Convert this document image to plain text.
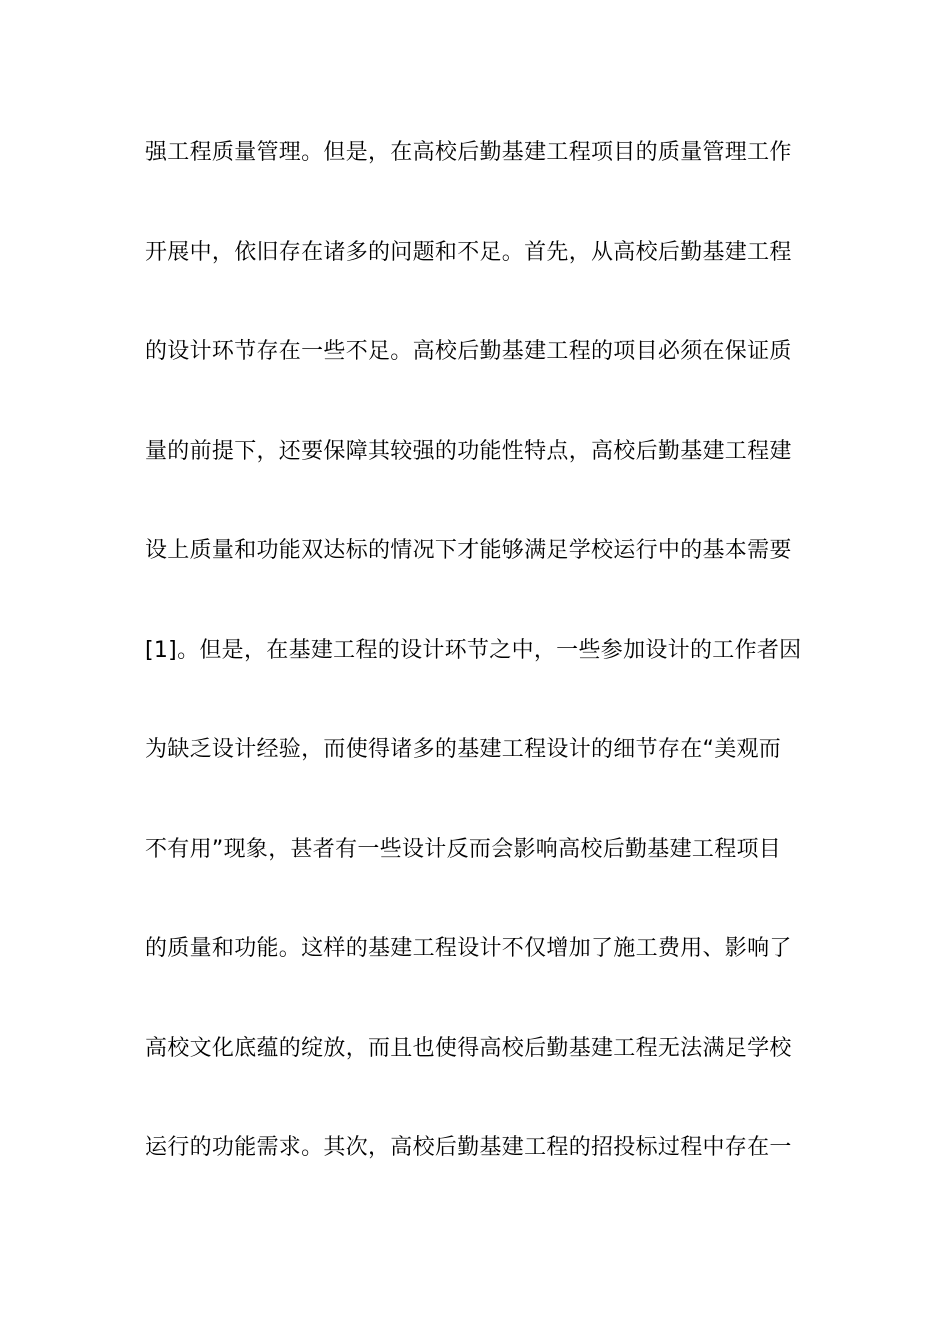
强工程质量管理。但是，在高校后勤基建工程项目的质量管理工作
开展中，依旧存在诸多的问题和不足。首先，从高校后勤基建工程
的设计环节存在一些不足。高校后勤基建工程的项目必须在保证质
量的前提下，还要保障其较强的功能性特点，高校后勤基建工程建
设上质量和功能双达标的情况下才能够满足学校运行中的基本需要
[1]。但是，在基建工程的设计环节之中，一些参加设计的工作者因
为缺乏设计经验，而使得诸多的基建工程设计的细节存在“美观而
不有用”现象，甚者有一些设计反而会影响高校后勤基建工程项目
的质量和功能。这样的基建工程设计不仅增加了施工费用、影响了
高校文化底蕴的绽放，而且也使得高校后勤基建工程无法满足学校
运行的功能需求。其次，高校后勤基建工程的招投标过程中存在一
